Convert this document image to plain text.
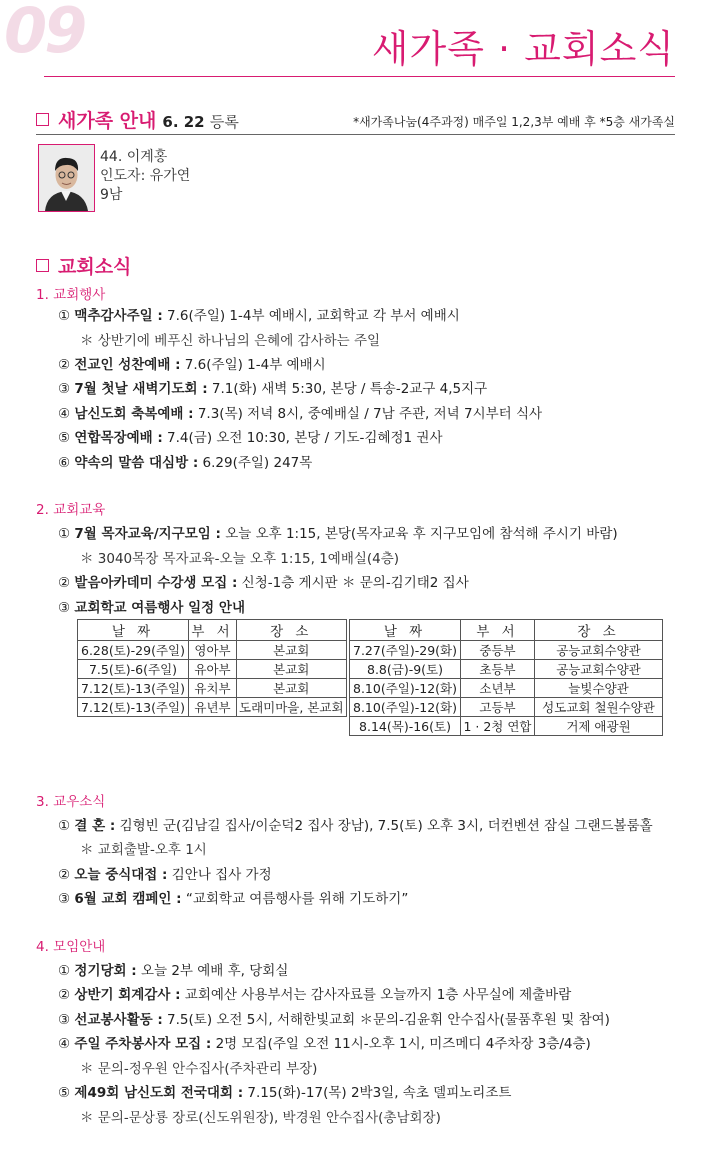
09	새가족 · 교회소식
새가족 안내 6. 22 등록	*새가족나눔(4주과정) 매주일 1,2,3부 예배 후 *5층 새가족실
44. 이계홍
인도자: 유가연
9남
교회소식
1. 교회행사
① 맥추감사주일 : 7.6(주일) 1-4부 예배시, 교회학교 각 부서 예배시
＊ 상반기에 베푸신 하나님의 은혜에 감사하는 주일
② 전교인 성찬예배 : 7.6(주일) 1-4부 예배시
③ 7월 첫날 새벽기도회 : 7.1(화) 새벽 5:30, 본당 / 특송-2교구 4,5지구
④ 남신도회 축복예배 : 7.3(목) 저녁 8시, 중예배실 / 7남 주관, 저녁 7시부터 식사
⑤ 연합목장예배 : 7.4(금) 오전 10:30, 본당 / 기도-김혜정1 권사
⑥ 약속의 말씀 대심방 : 6.29(주일) 247목
2. 교회교육
① 7월 목자교육/지구모임 : 오늘 오후 1:15, 본당(목자교육 후 지구모임에 참석해 주시기 바람)
＊ 3040목장 목자교육-오늘 오후 1:15, 1예배실(4층)
② 발음아카데미 수강생 모집 : 신청-1층 게시판 ＊ 문의-김기태2 집사
③ 교회학교 여름행사 일정 안내
날 짜	부 서	장 소
6.28(토)-29(주일)	영아부	본교회
7.5(토)-6(주일)	유아부	본교회
7.12(토)-13(주일)	유치부	본교회
7.12(토)-13(주일)	유년부	도래미마을, 본교회
날 짜	부 서	장 소
7.27(주일)-29(화)	중등부	공능교회수양관
8.8(금)-9(토)	초등부	공능교회수양관
8.10(주일)-12(화)	소년부	늘빛수양관
8.10(주일)-12(화)	고등부	성도교회 철원수양관
8.14(목)-16(토)	1 · 2청 연합	거제 애광원
3. 교우소식
① 결 혼 : 김형빈 군(김남길 집사/이순덕2 집사 장남), 7.5(토) 오후 3시, 더컨벤션 잠실 그랜드볼룸홀
＊ 교회출발-오후 1시
② 오늘 중식대접 : 김안나 집사 가정
③ 6월 교회 캠페인 : “교회학교 여름행사를 위해 기도하기”
4. 모임안내
① 정기당회 : 오늘 2부 예배 후, 당회실
② 상반기 회계감사 : 교회예산 사용부서는 감사자료를 오늘까지 1층 사무실에 제출바람
③ 선교봉사활동 : 7.5(토) 오전 5시, 서해한빛교회 ＊문의-김윤휘 안수집사(물품후원 및 참여)
④ 주일 주차봉사자 모집 : 2명 모집(주일 오전 11시-오후 1시, 미즈메디 4주차장 3층/4층)
＊ 문의-정우원 안수집사(주차관리 부장)
⑤ 제49회 남신도회 전국대회 : 7.15(화)-17(목) 2박3일, 속초 델피노리조트
＊ 문의-문상룡 장로(신도위원장), 박경원 안수집사(총남회장)
